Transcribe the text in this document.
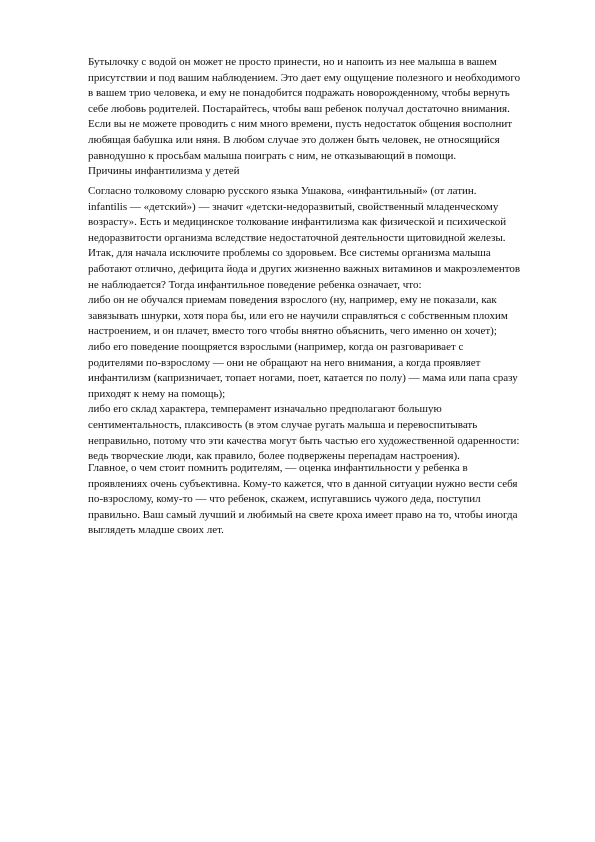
Бутылочку с водой он может не просто принести, но и напоить из нее малыша в вашем
присутствии и под вашим наблюдением. Это дает ему ощущение полезного и необходимого
в вашем трио человека, и ему не понадобится подражать новорожденному, чтобы вернуть
себе любовь родителей. Постарайтесь, чтобы ваш ребенок получал достаточно внимания.
Если вы не можете проводить с ним много времени, пусть недостаток общения восполнит
любящая бабушка или няня. В любом случае это должен быть человек, не относящийся
равнодушно к просьбам малыша поиграть с ним, не отказывающий в помощи.
Причины инфантилизма у детей
Согласно толковому словарю русского языка Ушакова, «инфантильный» (от латин.
infantilis — «детский») — значит «детски-недоразвитый, свойственный младенческому
возрасту». Есть и медицинское толкование инфантилизма как физической и психической
недоразвитости организма вследствие недостаточной деятельности щитовидной железы.
Итак, для начала исключите проблемы со здоровьем. Все системы организма малыша
работают отлично, дефицита йода и других жизненно важных витаминов и макроэлементов
не наблюдается? Тогда инфантильное поведение ребенка означает, что:
либо он не обучался приемам поведения взрослого (ну, например, ему не показали, как
завязывать шнурки, хотя пора бы, или его не научили справляться с собственным плохим
настроением, и он плачет, вместо того чтобы внятно объяснить, чего именно он хочет);
либо его поведение поощряется взрослыми (например, когда он разговаривает с
родителями по-взрослому — они не обращают на него внимания, а когда проявляет
инфантилизм (капризничает, топает ногами, поет, катается по полу) — мама или папа сразу
приходят к нему на помощь);
либо его склад характера, темперамент изначально предполагают большую
сентиментальность, плаксивость (в этом случае ругать малыша и перевоспитывать
неправильно, потому что эти качества могут быть частью его художественной одаренности:
ведь творческие люди, как правило, более подвержены перепадам настроения).
Главное, о чем стоит помнить родителям, — оценка инфантильности у ребенка в
проявлениях очень субъективна. Кому-то кажется, что в данной ситуации нужно вести себя
по-взрослому, кому-то — что ребенок, скажем, испугавшись чужого деда, поступил
правильно. Ваш самый лучший и любимый на свете кроха имеет право на то, чтобы иногда
выглядеть младше своих лет.
